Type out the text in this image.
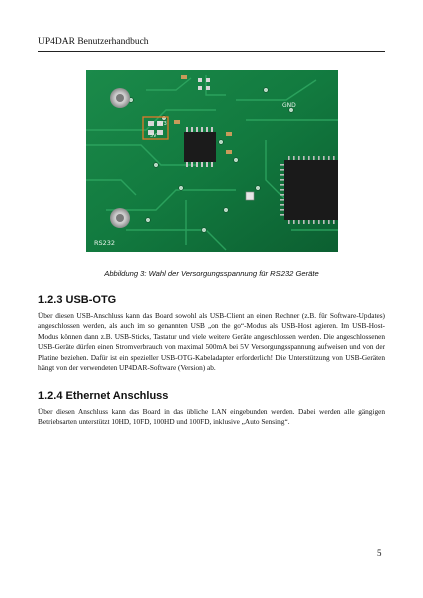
UP4DAR Benutzerhandbuch
3V3
5V
GND
RS232
Abbildung 3: Wahl der Versorgungsspannung für RS232 Geräte
1.2.3 USB-OTG
Über diesen USB-Anschluss kann das Board sowohl als USB-Client an einen Rechner (z.B. für Software-Updates) angeschlossen werden, als auch im so genannten USB „on the go“-Modus als USB-Host agieren. Im USB-Host-Modus können dann z.B. USB-Sticks, Tastatur und viele weitere Geräte angeschlossen werden. Die angeschlossenen USB-Geräte dürfen einen Stromverbrauch von maximal 500mA bei 5V Versorgungsspannung aufweisen und von der Platine beziehen. Dafür ist ein spezieller USB-OTG-Kabeladapter erforderlich! Die Unterstützung von USB-Geräten hängt von der verwendeten UP4DAR-Software (Version) ab.
1.2.4 Ethernet Anschluss
Über diesen Anschluss kann das Board in das übliche LAN eingebunden werden. Dabei werden alle gängigen Betriebsarten unterstützt 10HD, 10FD, 100HD und 100FD, inklusive „Auto Sensing“.
5
